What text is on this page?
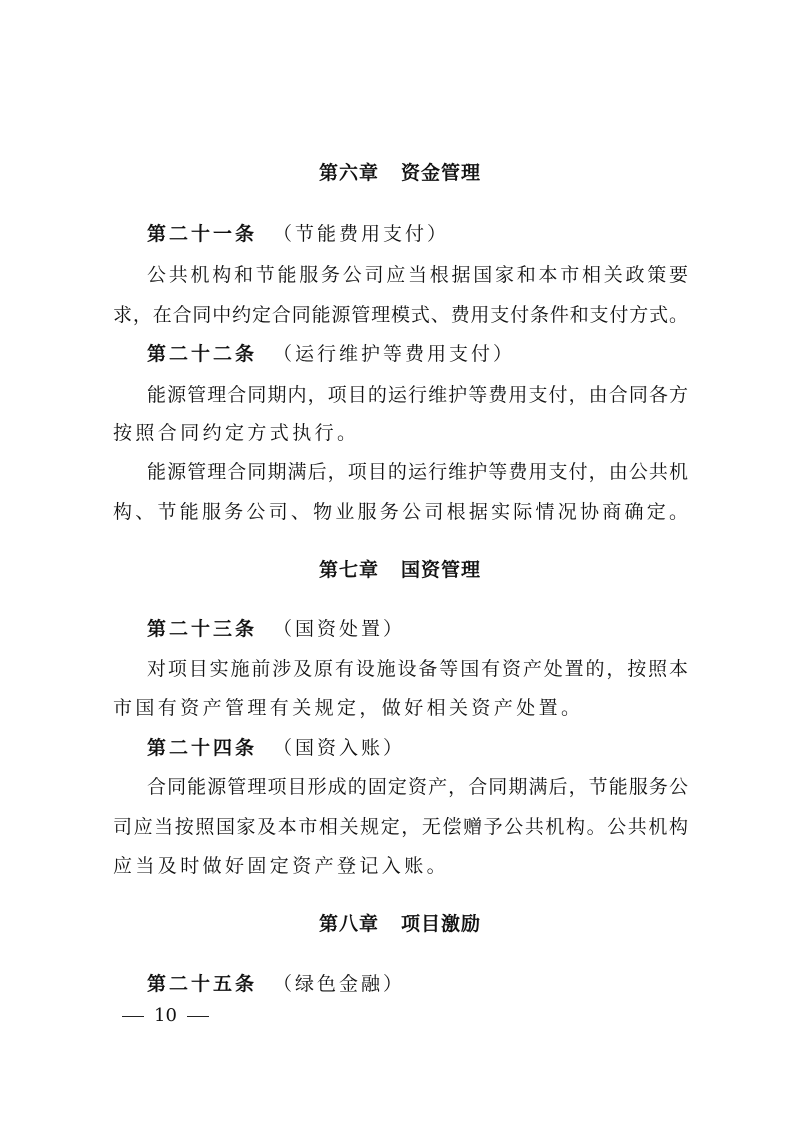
第六章 资金管理
第二十一条 （节能费用支付）
公共机构和节能服务公司应当根据国家和本市相关政策要
求，在合同中约定合同能源管理模式、费用支付条件和支付方式。
第二十二条 （运行维护等费用支付）
能源管理合同期内，项目的运行维护等费用支付，由合同各方
按照合同约定方式执行。
能源管理合同期满后，项目的运行维护等费用支付，由公共机
构、节能服务公司、物业服务公司根据实际情况协商确定。
第七章 国资管理
第二十三条 （国资处置）
对项目实施前涉及原有设施设备等国有资产处置的，按照本
市国有资产管理有关规定，做好相关资产处置。
第二十四条 （国资入账）
合同能源管理项目形成的固定资产，合同期满后，节能服务公
司应当按照国家及本市相关规定，无偿赠予公共机构。公共机构
应当及时做好固定资产登记入账。
第八章 项目激励
第二十五条 （绿色金融）
10
